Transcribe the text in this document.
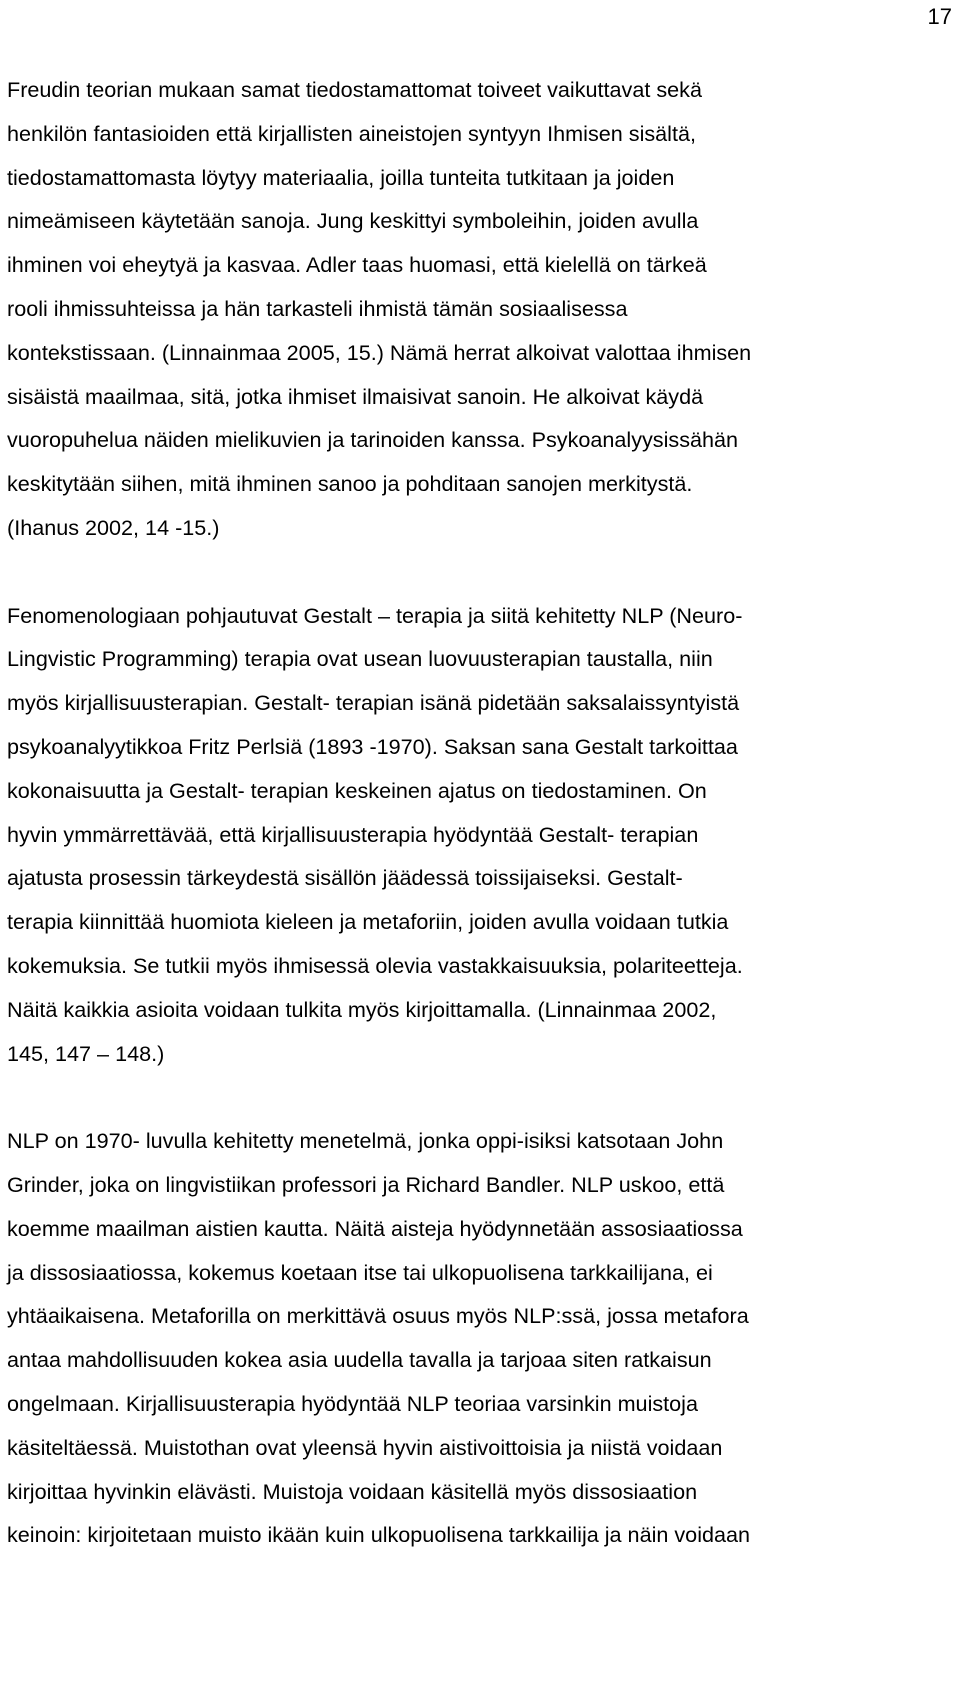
17

Freudin teorian mukaan samat tiedostamattomat toiveet vaikuttavat sekä
henkilön fantasioiden että kirjallisten aineistojen syntyyn Ihmisen sisältä,
tiedostamattomasta löytyy materiaalia, joilla tunteita tutkitaan ja joiden
nimeämiseen käytetään sanoja. Jung keskittyi symboleihin, joiden avulla
ihminen voi eheytyä ja kasvaa. Adler taas huomasi, että kielellä on tärkeä
rooli ihmissuhteissa ja hän tarkasteli ihmistä tämän sosiaalisessa
kontekstissaan. (Linnainmaa 2005, 15.) Nämä herrat alkoivat valottaa ihmisen
sisäistä maailmaa, sitä, jotka ihmiset ilmaisivat sanoin. He alkoivat käydä
vuoropuhelua näiden mielikuvien ja tarinoiden kanssa. Psykoanalyysissähän
keskitytään siihen, mitä ihminen sanoo ja pohditaan sanojen merkitystä.
(Ihanus 2002, 14 -15.)

Fenomenologiaan pohjautuvat Gestalt – terapia ja siitä kehitetty NLP (Neuro-
Lingvistic Programming) terapia ovat usean luovuusterapian taustalla, niin
myös kirjallisuusterapian. Gestalt- terapian isänä pidetään saksalaissyntyistä
psykoanalyytikkoa Fritz Perlsiä (1893 -1970). Saksan sana Gestalt tarkoittaa
kokonaisuutta ja Gestalt- terapian keskeinen ajatus on tiedostaminen. On
hyvin ymmärrettävää, että kirjallisuusterapia hyödyntää Gestalt- terapian
ajatusta prosessin tärkeydestä sisällön jäädessä toissijaiseksi. Gestalt-
terapia kiinnittää huomiota kieleen ja metaforiin, joiden avulla voidaan tutkia
kokemuksia. Se tutkii myös ihmisessä olevia vastakkaisuuksia, polariteetteja.
Näitä kaikkia asioita voidaan tulkita myös kirjoittamalla. (Linnainmaa 2002,
145, 147 – 148.)

NLP on 1970- luvulla kehitetty menetelmä, jonka oppi-isiksi katsotaan John
Grinder, joka on lingvistiikan professori ja Richard Bandler. NLP uskoo, että
koemme maailman aistien kautta. Näitä aisteja hyödynnetään assosiaatiossa
ja dissosiaatiossa, kokemus koetaan itse tai ulkopuolisena tarkkailijana, ei
yhtäaikaisena. Metaforilla on merkittävä osuus myös NLP:ssä, jossa metafora
antaa mahdollisuuden kokea asia uudella tavalla ja tarjoaa siten ratkaisun
ongelmaan. Kirjallisuusterapia hyödyntää NLP teoriaa varsinkin muistoja
käsiteltäessä. Muistothan ovat yleensä hyvin aistivoittoisia ja niistä voidaan
kirjoittaa hyvinkin elävästi. Muistoja voidaan käsitellä myös dissosiaation
keinoin: kirjoitetaan muisto ikään kuin ulkopuolisena tarkkailija ja näin voidaan
